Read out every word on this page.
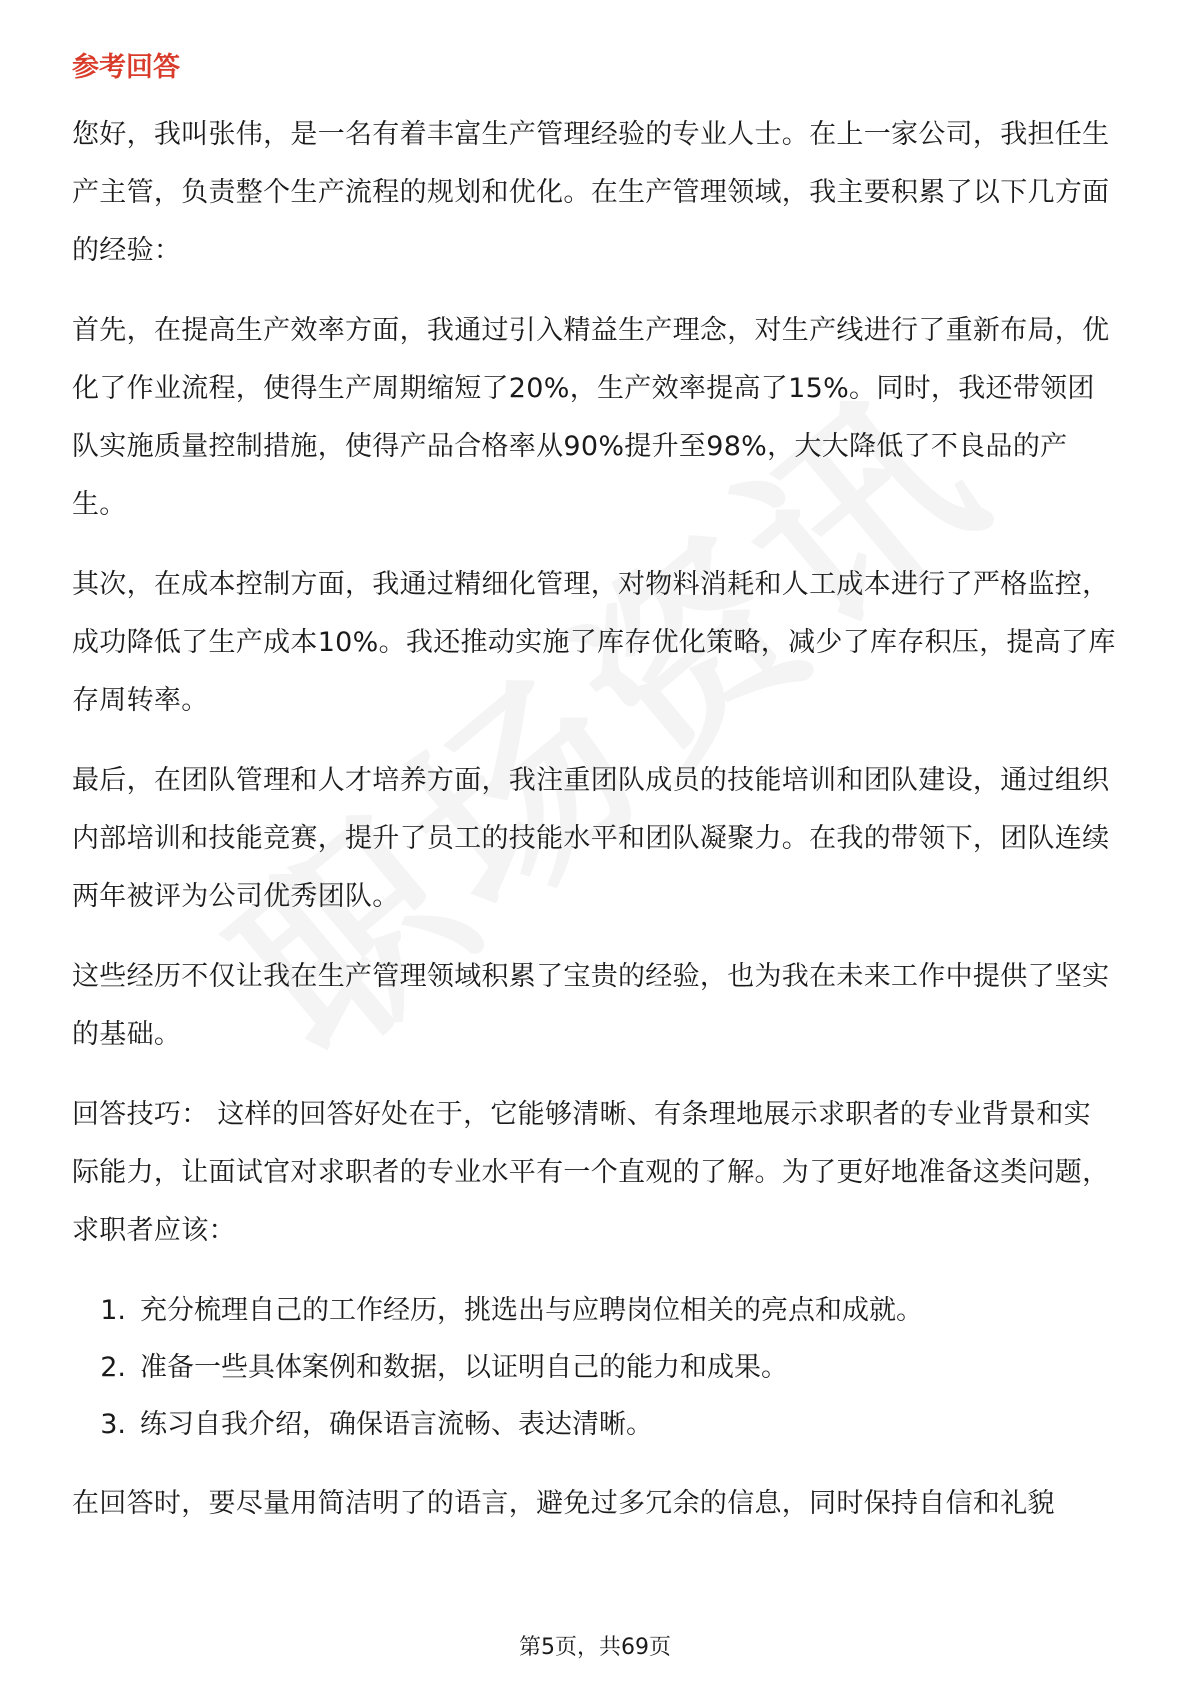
参考回答

您好，我叫张伟，是一名有着丰富生产管理经验的专业人士。在上一家公司，我担任生产主管，负责整个生产流程的规划和优化。在生产管理领域，我主要积累了以下几方面的经验：

首先，在提高生产效率方面，我通过引入精益生产理念，对生产线进行了重新布局，优化了作业流程，使得生产周期缩短了20%，生产效率提高了15%。同时，我还带领团队实施质量控制措施，使得产品合格率从90%提升至98%，大大降低了不良品的产生。

其次，在成本控制方面，我通过精细化管理，对物料消耗和人工成本进行了严格监控，成功降低了生产成本10%。我还推动实施了库存优化策略，减少了库存积压，提高了库存周转率。

最后，在团队管理和人才培养方面，我注重团队成员的技能培训和团队建设，通过组织内部培训和技能竞赛，提升了员工的技能水平和团队凝聚力。在我的带领下，团队连续两年被评为公司优秀团队。

这些经历不仅让我在生产管理领域积累了宝贵的经验，也为我在未来工作中提供了坚实的基础。

回答技巧： 这样的回答好处在于，它能够清晰、有条理地展示求职者的专业背景和实际能力，让面试官对求职者的专业水平有一个直观的了解。为了更好地准备这类问题，求职者应该：

1. 充分梳理自己的工作经历，挑选出与应聘岗位相关的亮点和成就。
2. 准备一些具体案例和数据，以证明自己的能力和成果。
3. 练习自我介绍，确保语言流畅、表达清晰。

在回答时，要尽量用简洁明了的语言，避免过多冗余的信息，同时保持自信和礼貌

第5页，共69页
